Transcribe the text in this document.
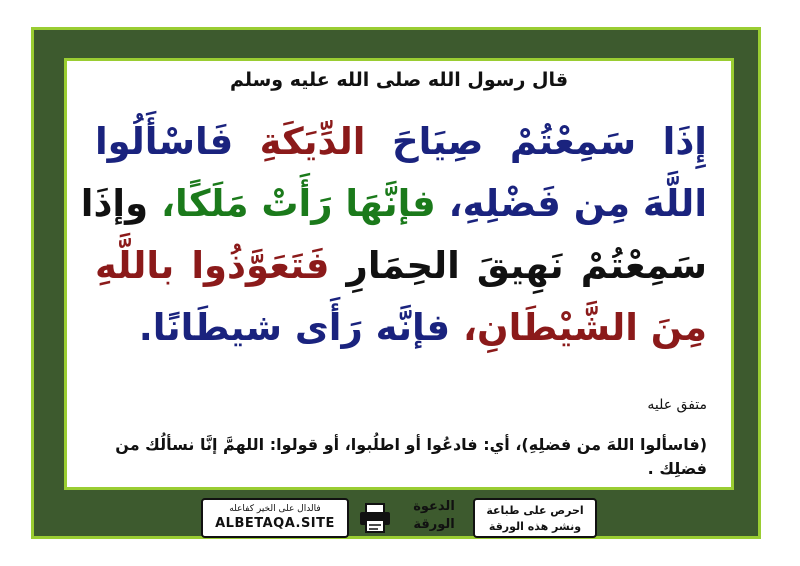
قال رسول الله صلى الله عليه وسلم
إِذَا سَمِعْتُمْ صِيَاحَ الدِّيَكَةِ فَاسْأَلُوا
اللَّهَ مِن فَضْلِهِ، فإنَّهَا رَأَتْ مَلَكًا، وإذَا
سَمِعْتُمْ نَهِيقَ الحِمَارِ فَتَعَوَّذُوا باللَّهِ
مِنَ الشَّيْطَانِ، فإنَّه رَأَى شيطَانًا.
متفق عليه
(فاسألوا اللهَ من فضلِهِ)، أي: فادعُوا أو اطلُبوا، أو قولوا: اللهمَّ إنَّا نسألُك من فضلِك .
فالدال على الخير كفاعله
ALBETAQA.SITE
الدعوة الورقة
احرص على طباعة
ونشر هذه الورقة
